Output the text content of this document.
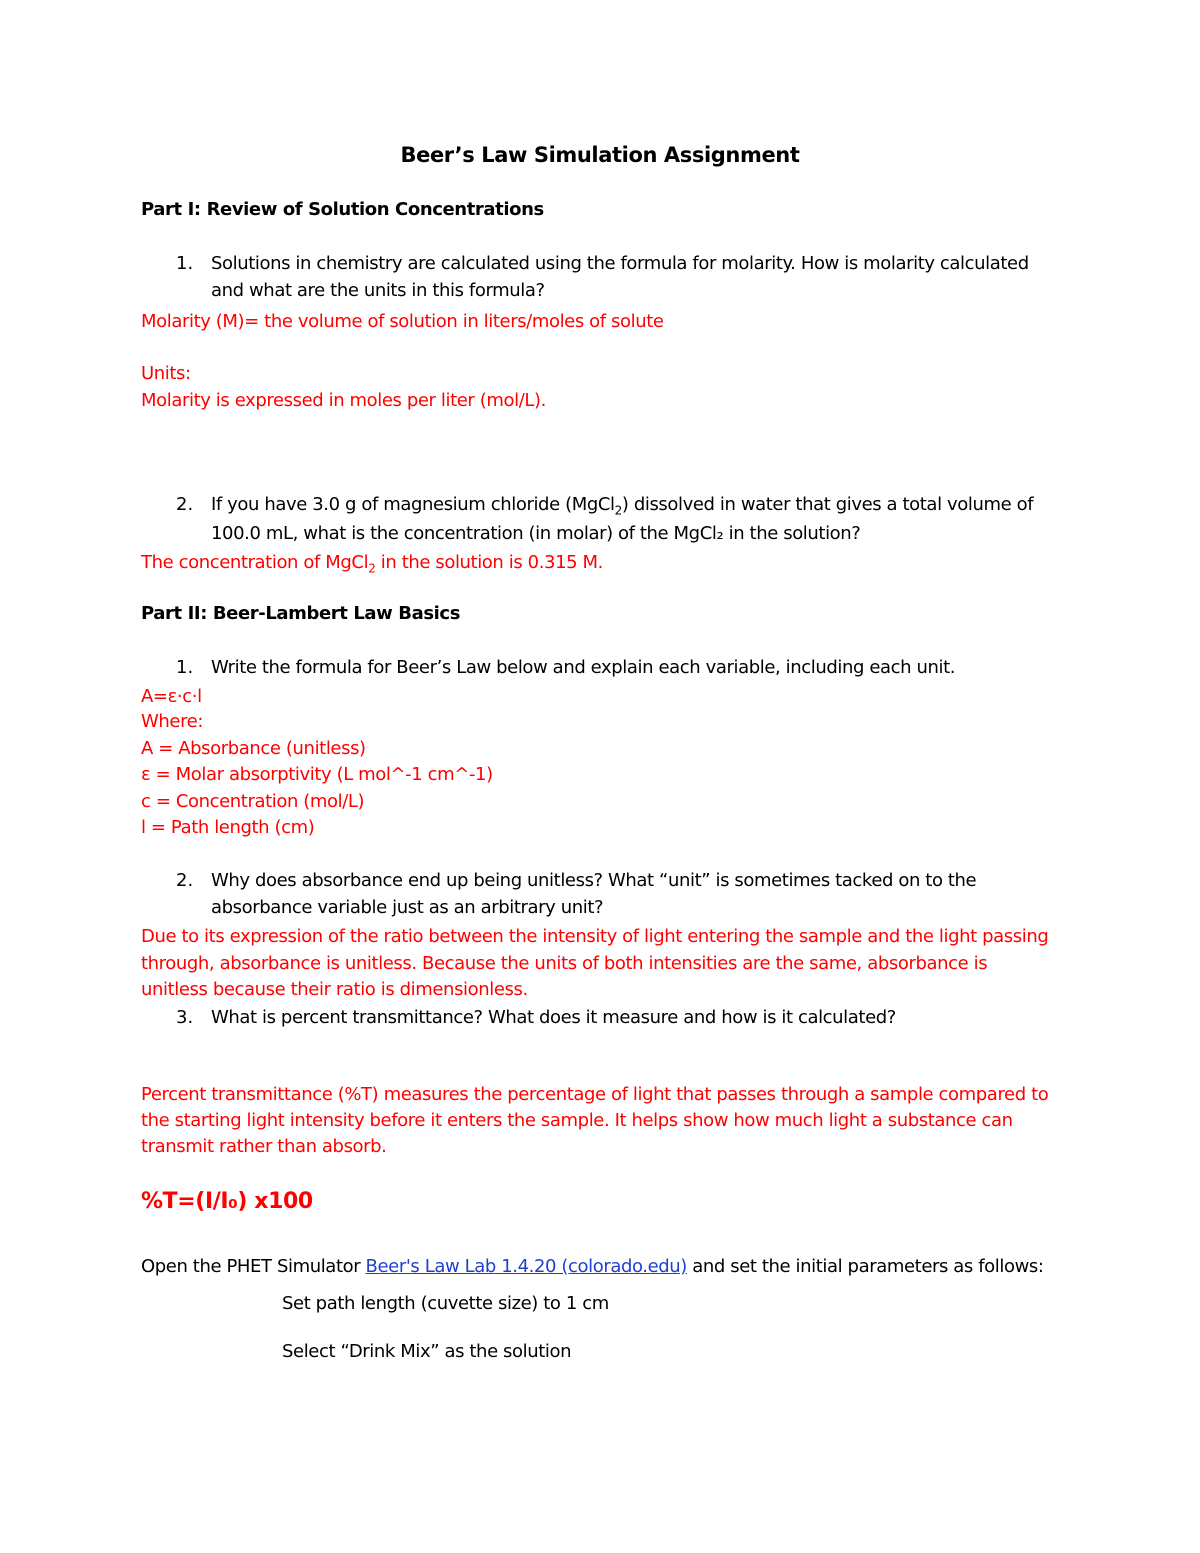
Beer’s Law Simulation Assignment
Part I: Review of Solution Concentrations
1. Solutions in chemistry are calculated using the formula for molarity. How is molarity calculated
and what are the units in this formula?
Molarity (M)= the volume of solution in liters/moles of solute
Units:
Molarity is expressed in moles per liter (mol/L).
2. If you have 3.0 g of magnesium chloride (MgCl$_2$) dissolved in water that gives a total volume of
100.0 mL, what is the concentration (in molar) of the MgCl₂ in the solution?
The concentration of MgCl$_2$ in the solution is 0.315 M.
Part II: Beer-Lambert Law Basics
1. Write the formula for Beer’s Law below and explain each variable, including each unit.
A=ε·c·l
Where:
A = Absorbance (unitless)
ε = Molar absorptivity (L mol^-1 cm^-1)
c = Concentration (mol/L)
l = Path length (cm)
2. Why does absorbance end up being unitless? What “unit” is sometimes tacked on to the
absorbance variable just as an arbitrary unit?
Due to its expression of the ratio between the intensity of light entering the sample and the light passing
through, absorbance is unitless. Because the units of both intensities are the same, absorbance is
unitless because their ratio is dimensionless.
3. What is percent transmittance? What does it measure and how is it calculated?
Percent transmittance (%T) measures the percentage of light that passes through a sample compared to
the starting light intensity before it enters the sample. It helps show how much light a substance can
transmit rather than absorb.
%T=(I/I₀) x100
Open the PHET Simulator Beer's Law Lab 1.4.20 (colorado.edu) and set the initial parameters as follows:
Set path length (cuvette size) to 1 cm
Select “Drink Mix” as the solution
